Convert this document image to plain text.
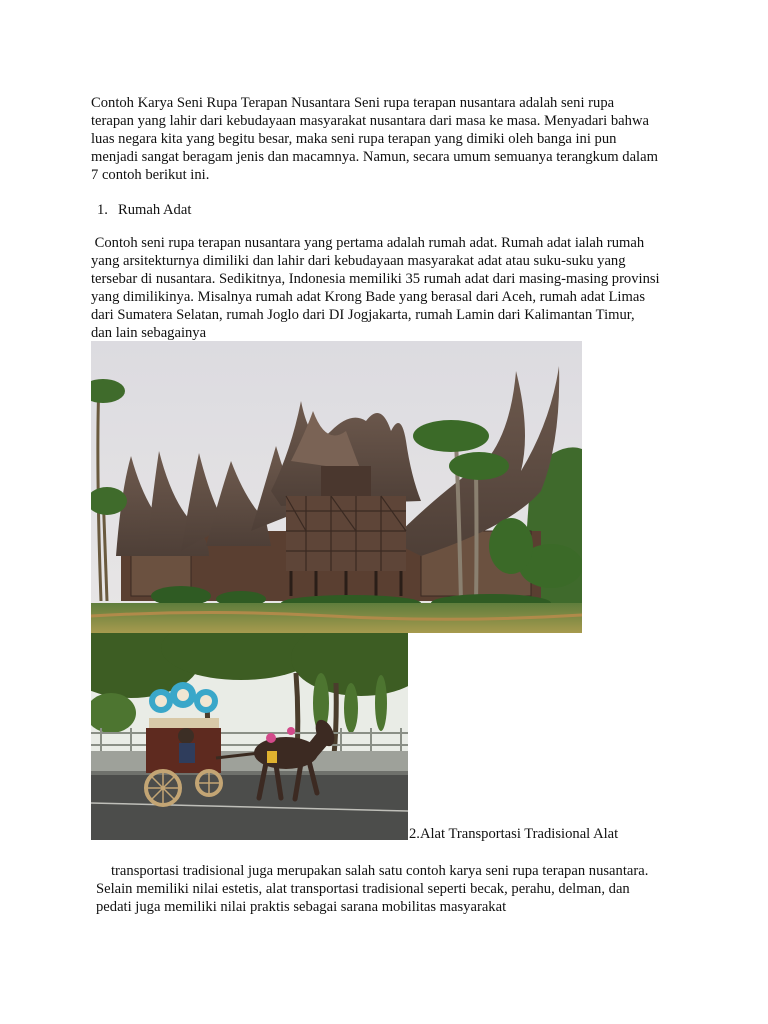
Contoh Karya Seni Rupa Terapan Nusantara Seni rupa terapan nusantara adalah seni rupa
terapan yang lahir dari kebudayaan masyarakat nusantara dari masa ke masa. Menyadari bahwa
luas negara kita yang begitu besar, maka seni rupa terapan yang dimiki oleh banga ini pun
menjadi sangat beragam jenis dan macamnya. Namun, secara umum semuanya terangkum dalam
7 contoh berikut ini.
1. Rumah Adat
Contoh seni rupa terapan nusantara yang pertama adalah rumah adat. Rumah adat ialah rumah
yang arsitekturnya dimiliki dan lahir dari kebudayaan masyarakat adat atau suku-suku yang
tersebar di nusantara. Sedikitnya, Indonesia memiliki 35 rumah adat dari masing-masing provinsi
yang dimilikinya. Misalnya rumah adat Krong Bade yang berasal dari Aceh, rumah adat Limas
dari Sumatera Selatan, rumah Joglo dari DI Jogjakarta, rumah Lamin dari Kalimantan Timur,
dan lain sebagainya
2.Alat Transportasi Tradisional Alat
transportasi tradisional juga merupakan salah satu contoh karya seni rupa terapan nusantara.
Selain memiliki nilai estetis, alat transportasi tradisional seperti becak, perahu, delman, dan
pedati juga memiliki nilai praktis sebagai sarana mobilitas masyarakat
